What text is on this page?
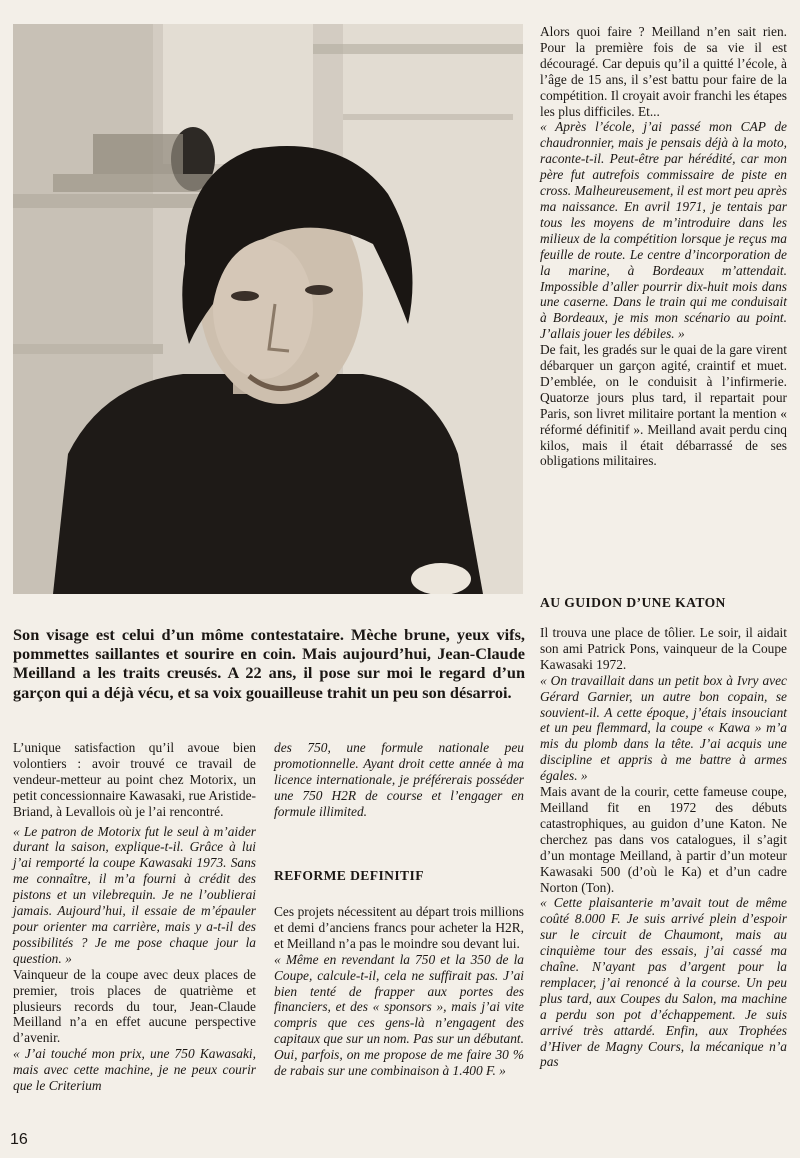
Alors quoi faire ? Meilland n’en sait rien. Pour la première fois de sa vie il est découragé. Car depuis qu’il a quitté l’école, à l’âge de 15 ans, il s’est battu pour faire de la compétition. Il croyait avoir franchi les étapes les plus difficiles. Et...

« Après l’école, j’ai passé mon CAP de chaudronnier, mais je pensais déjà à la moto, raconte-t-il. Peut-être par hérédité, car mon père fut autrefois commissaire de piste en cross. Malheureusement, il est mort peu après ma naissance. En avril 1971, je tentais par tous les moyens de m’introduire dans les milieux de la compétition lorsque je reçus ma feuille de route. Le centre d’incorporation de la marine, à Bordeaux m’attendait. Impossible d’aller pourrir dix-huit mois dans une caserne. Dans le train qui me conduisait à Bordeaux, je mis mon scénario au point. J’allais jouer les débiles. »

De fait, les gradés sur le quai de la gare virent débarquer un garçon agité, craintif et muet. D’emblée, on le conduisit à l’infirmerie. Quatorze jours plus tard, il repartait pour Paris, son livret militaire portant la mention « réformé définitif ». Meilland avait perdu cinq kilos, mais il était débarrassé de ses obligations militaires.

AU GUIDON D’UNE KATON
Son visage est celui d’un môme contestataire. Mèche brune, yeux vifs, pommettes saillantes et sourire en coin. Mais aujourd’hui, Jean-Claude Meilland a les traits creusés. A 22 ans, il pose sur moi le regard d’un garçon qui a déjà vécu, et sa voix gouailleuse trahit un peu son désarroi.

L’unique satisfaction qu’il avoue bien volontiers : avoir trouvé ce travail de vendeur-metteur au point chez Motorix, un petit concessionnaire Kawasaki, rue Aristide-Briand, à Levallois où je l’ai rencontré.

« Le patron de Motorix fut le seul à m’aider durant la saison, explique-t-il. Grâce à lui j’ai remporté la coupe Kawasaki 1973. Sans me connaître, il m’a fourni à crédit des pistons et un vilebrequin. Je ne l’oublierai jamais. Aujourd’hui, il essaie de m’épauler pour orienter ma carrière, mais y a-t-il des possibilités ? Je me pose chaque jour la question. »

Vainqueur de la coupe avec deux places de premier, trois places de quatrième et plusieurs records du tour, Jean-Claude Meilland n’a en effet aucune perspective d’avenir.

« J’ai touché mon prix, une 750 Kawasaki, mais avec cette machine, je ne peux courir que le Criterium

des 750, une formule nationale peu promotionnelle. Ayant droit cette année à ma licence internationale, je préférerais posséder une 750 H2R de course et l’engager en formule illimited.

REFORME DEFINITIF

Ces projets nécessitent au départ trois millions et demi d’anciens francs pour acheter la H2R, et Meilland n’a pas le moindre sou devant lui.

« Même en revendant la 750 et la 350 de la Coupe, calcule-t-il, cela ne suffirait pas. J’ai bien tenté de frapper aux portes des financiers, et des « sponsors », mais j’ai vite compris que ces gens-là n’engagent des capitaux que sur un nom. Pas sur un débutant. Oui, parfois, on me propose de me faire 30 % de rabais sur une combinaison à 1.400 F. »

Il trouva une place de tôlier. Le soir, il aidait son ami Patrick Pons, vainqueur de la Coupe Kawasaki 1972.

« On travaillait dans un petit box à Ivry avec Gérard Garnier, un autre bon copain, se souvient-il. A cette époque, j’étais insouciant et un peu flemmard, la coupe « Kawa » m’a mis du plomb dans la tête. J’ai acquis une discipline et appris à me battre à armes égales. »

Mais avant de la courir, cette fameuse coupe, Meilland fit en 1972 des débuts catastrophiques, au guidon d’une Katon. Ne cherchez pas dans vos catalogues, il s’agit d’un montage Meilland, à partir d’un moteur Kawasaki 500 (d’où le Ka) et d’un cadre Norton (Ton).

« Cette plaisanterie m’avait tout de même coûté 8.000 F. Je suis arrivé plein d’espoir sur le circuit de Chaumont, mais au cinquième tour des essais, j’ai cassé ma chaîne. N’ayant pas d’argent pour la remplacer, j’ai renoncé à la course. Un peu plus tard, aux Coupes du Salon, ma machine a perdu son pot d’échappement. Je suis arrivé très attardé. Enfin, aux Trophées d’Hiver de Magny Cours, la mécanique n’a pas

16
